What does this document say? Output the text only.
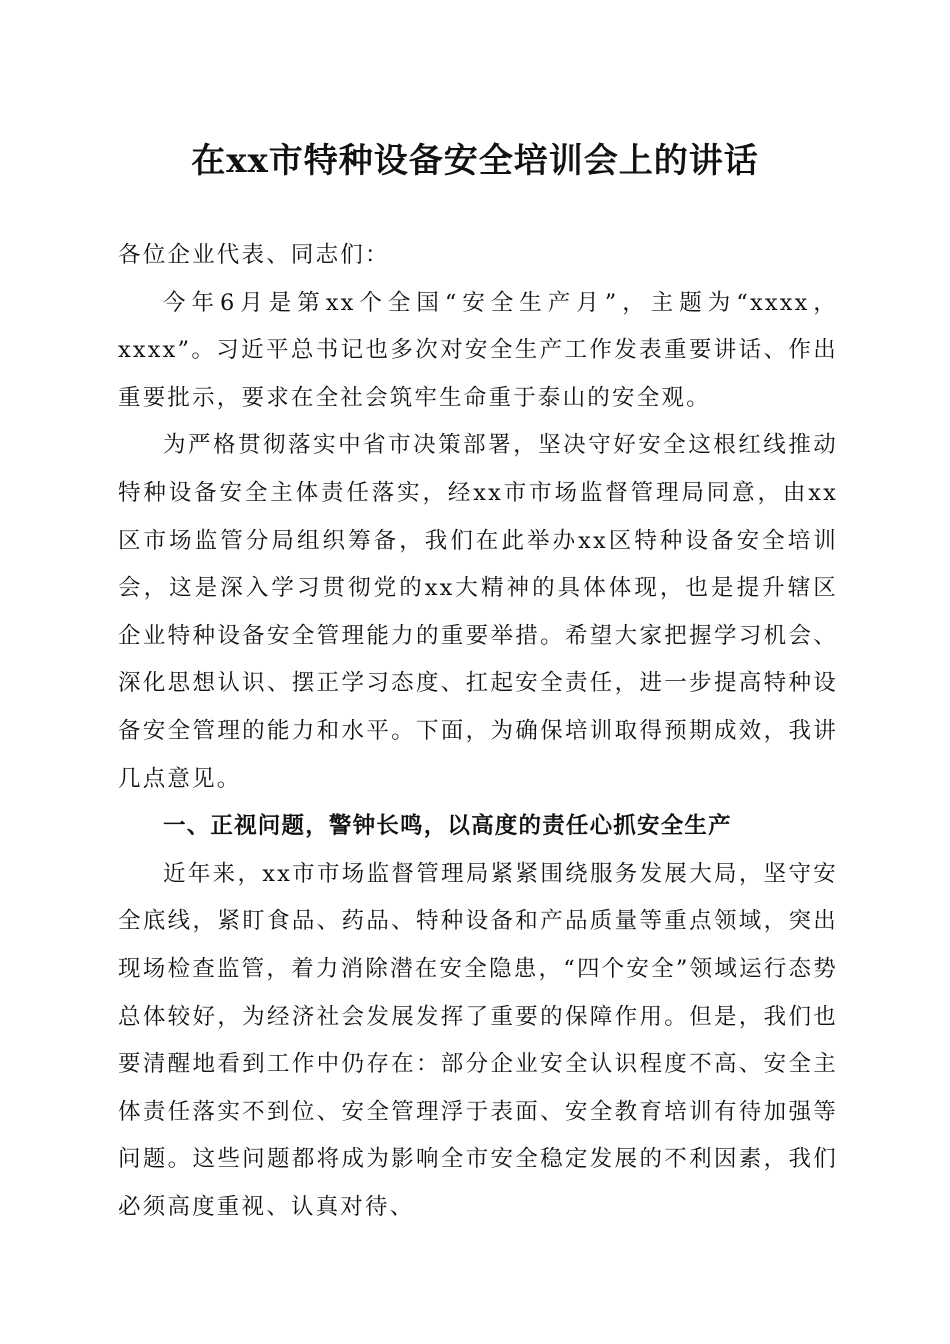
在xx市特种设备安全培训会上的讲话

各位企业代表、同志们：

今年6月是第xx个全国“安全生产月”，主题为“xxxx，xxxx”。习近平总书记也多次对安全生产工作发表重要讲话、作出重要批示，要求在全社会筑牢生命重于泰山的安全观。

为严格贯彻落实中省市决策部署，坚决守好安全这根红线推动特种设备安全主体责任落实，经xx市市场监督管理局同意，由xx区市场监管分局组织筹备，我们在此举办xx区特种设备安全培训会，这是深入学习贯彻党的xx大精神的具体体现，也是提升辖区企业特种设备安全管理能力的重要举措。希望大家把握学习机会、深化思想认识、摆正学习态度、扛起安全责任，进一步提高特种设备安全管理的能力和水平。下面，为确保培训取得预期成效，我讲几点意见。

一、正视问题，警钟长鸣，以高度的责任心抓安全生产

近年来，xx市市场监督管理局紧紧围绕服务发展大局，坚守安全底线，紧盯食品、药品、特种设备和产品质量等重点领域，突出现场检查监管，着力消除潜在安全隐患，“四个安全”领域运行态势总体较好，为经济社会发展发挥了重要的保障作用。但是，我们也要清醒地看到工作中仍存在：部分企业安全认识程度不高、安全主体责任落实不到位、安全管理浮于表面、安全教育培训有待加强等问题。这些问题都将成为影响全市安全稳定发展的不利因素，我们必须高度重视、认真对待、
